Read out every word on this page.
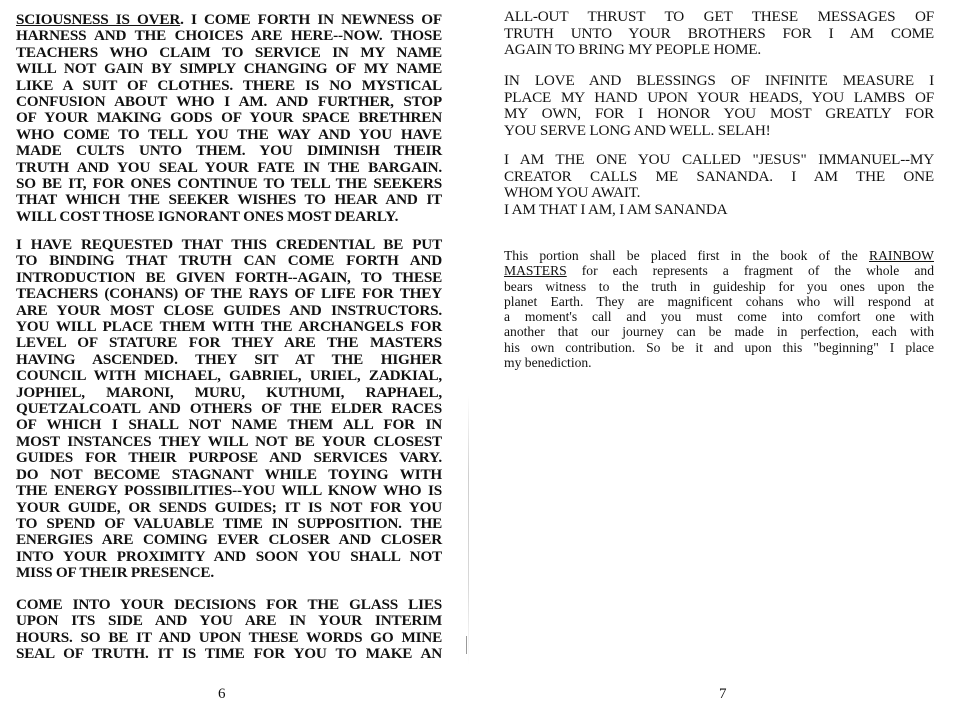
SCIOUSNESS IS OVER. I COME FORTH IN NEWNESS OF
HARNESS AND THE CHOICES ARE HERE--NOW. THOSE
TEACHERS WHO CLAIM TO SERVICE IN MY NAME
WILL NOT GAIN BY SIMPLY CHANGING OF MY NAME
LIKE A SUIT OF CLOTHES. THERE IS NO MYSTICAL
CONFUSION ABOUT WHO I AM. AND FURTHER, STOP
OF YOUR MAKING GODS OF YOUR SPACE BRETHREN
WHO COME TO TELL YOU THE WAY AND YOU HAVE
MADE CULTS UNTO THEM. YOU DIMINISH THEIR
TRUTH AND YOU SEAL YOUR FATE IN THE BARGAIN.
SO BE IT, FOR ONES CONTINUE TO TELL THE SEEKERS
THAT WHICH THE SEEKER WISHES TO HEAR AND IT
WILL COST THOSE IGNORANT ONES MOST DEARLY.

I HAVE REQUESTED THAT THIS CREDENTIAL BE PUT
TO BINDING THAT TRUTH CAN COME FORTH AND
INTRODUCTION BE GIVEN FORTH--AGAIN, TO THESE
TEACHERS (COHANS) OF THE RAYS OF LIFE FOR THEY
ARE YOUR MOST CLOSE GUIDES AND INSTRUCTORS.
YOU WILL PLACE THEM WITH THE ARCHANGELS FOR
LEVEL OF STATURE FOR THEY ARE THE MASTERS
HAVING ASCENDED. THEY SIT AT THE HIGHER
COUNCIL WITH MICHAEL, GABRIEL, URIEL, ZADKIAL,
JOPHIEL, MARONI, MURU, KUTHUMI, RAPHAEL,
QUETZALCOATL AND OTHERS OF THE ELDER RACES
OF WHICH I SHALL NOT NAME THEM ALL FOR IN
MOST INSTANCES THEY WILL NOT BE YOUR CLOSEST
GUIDES FOR THEIR PURPOSE AND SERVICES VARY.
DO NOT BECOME STAGNANT WHILE TOYING WITH
THE ENERGY POSSIBILITIES--YOU WILL KNOW WHO IS
YOUR GUIDE, OR SENDS GUIDES; IT IS NOT FOR YOU
TO SPEND OF VALUABLE TIME IN SUPPOSITION. THE
ENERGIES ARE COMING EVER CLOSER AND CLOSER
INTO YOUR PROXIMITY AND SOON YOU SHALL NOT
MISS OF THEIR PRESENCE.

COME INTO YOUR DECISIONS FOR THE GLASS LIES
UPON ITS SIDE AND YOU ARE IN YOUR INTERIM
HOURS. SO BE IT AND UPON THESE WORDS GO MINE
SEAL OF TRUTH. IT IS TIME FOR YOU TO MAKE AN

6

ALL-OUT THRUST TO GET THESE MESSAGES OF
TRUTH UNTO YOUR BROTHERS FOR I AM COME
AGAIN TO BRING MY PEOPLE HOME.

IN LOVE AND BLESSINGS OF INFINITE MEASURE I
PLACE MY HAND UPON YOUR HEADS, YOU LAMBS OF
MY OWN, FOR I HONOR YOU MOST GREATLY FOR
YOU SERVE LONG AND WELL. SELAH!

I AM THE ONE YOU CALLED "JESUS" IMMANUEL--MY
CREATOR CALLS ME SANANDA. I AM THE ONE
WHOM YOU AWAIT.
I AM THAT I AM, I AM SANANDA

This portion shall be placed first in the book of the RAINBOW
MASTERS for each represents a fragment of the whole and
bears witness to the truth in guideship for you ones upon the
planet Earth. They are magnificent cohans who will respond at
a moment's call and you must come into comfort one with
another that our journey can be made in perfection, each with
his own contribution. So be it and upon this "beginning" I place
my benediction.

7
